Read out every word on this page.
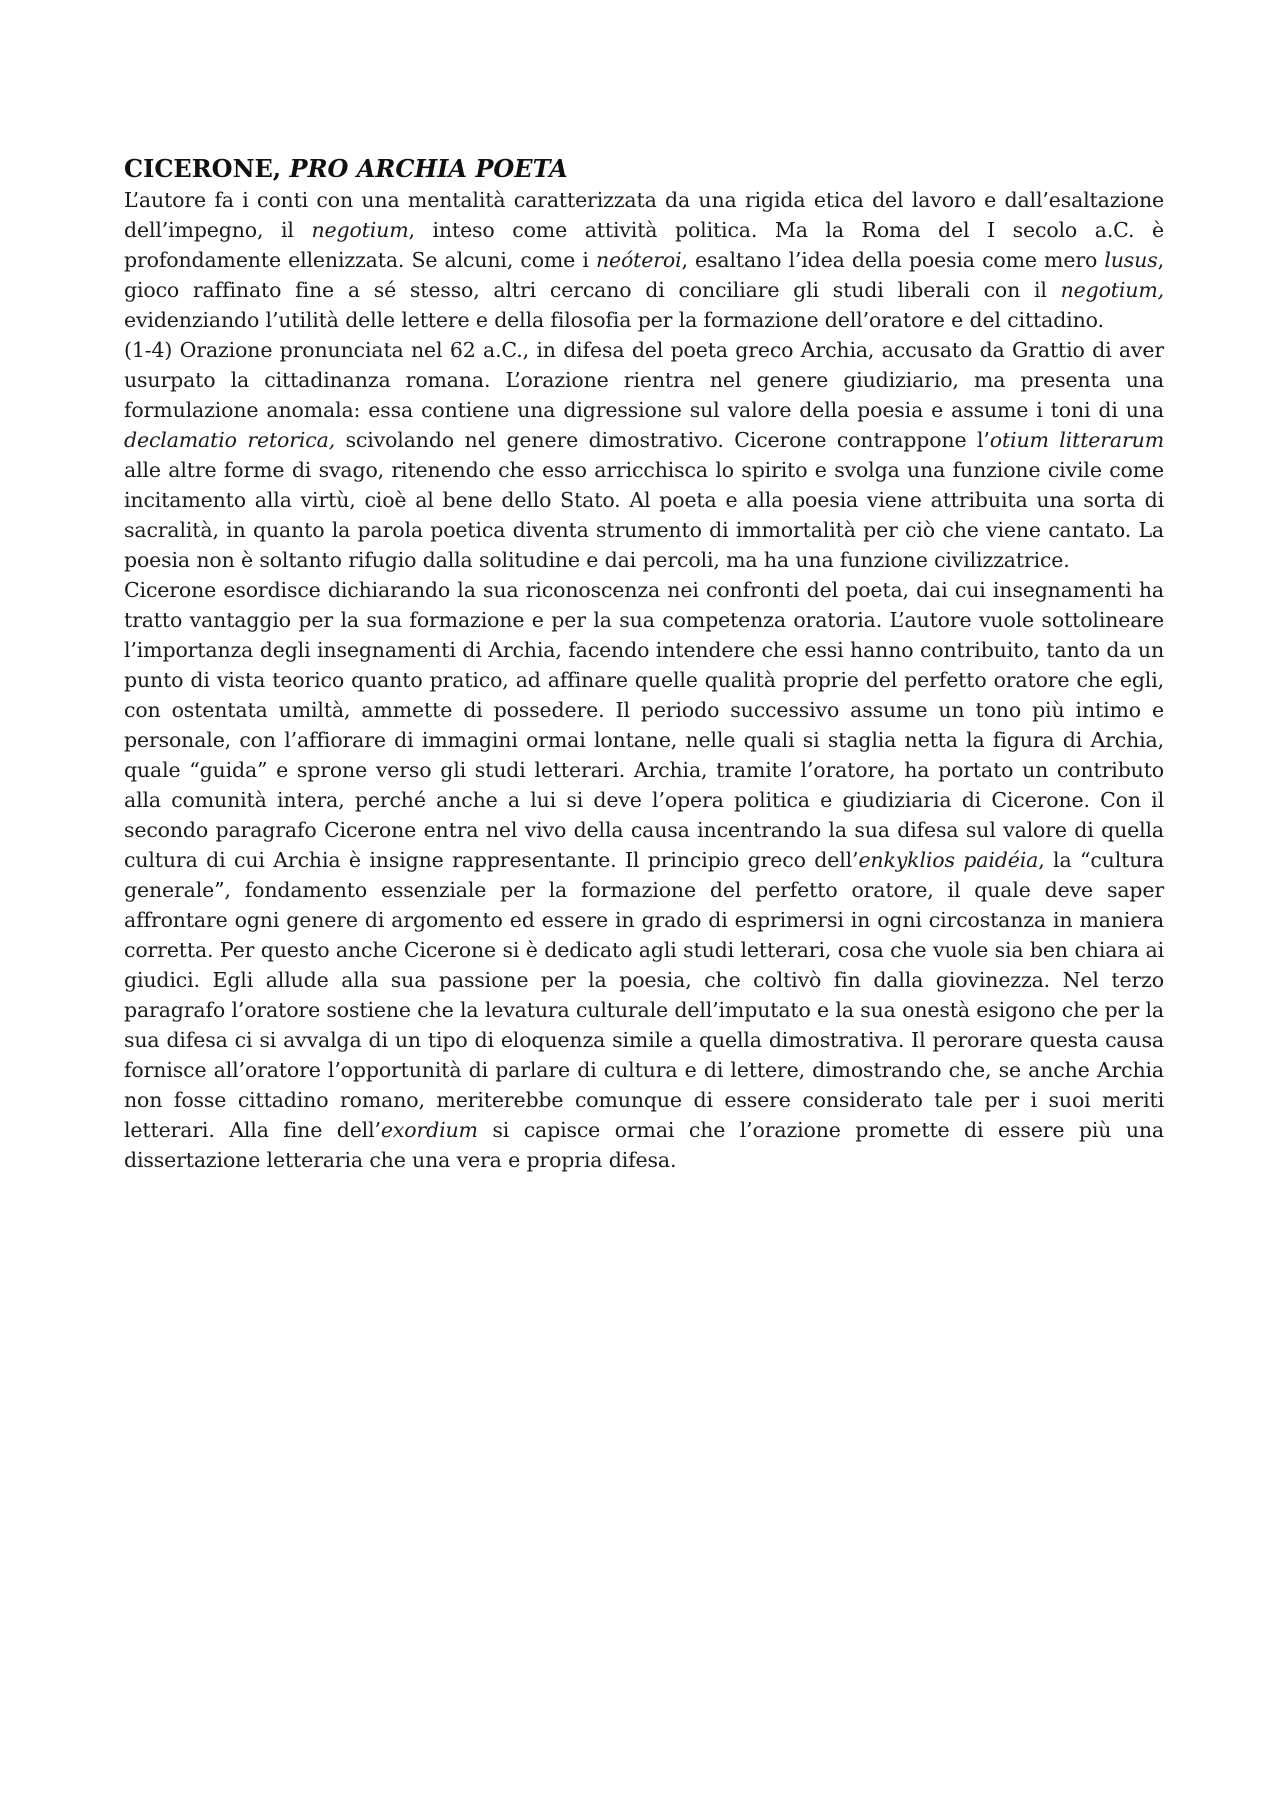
CICERONE, PRO ARCHIA POETA

L’autore fa i conti con una mentalità caratterizzata da una rigida etica del lavoro e dall’esaltazione dell’impegno, il negotium, inteso come attività politica. Ma la Roma del I secolo a.C. è profondamente ellenizzata. Se alcuni, come i neóteroi, esaltano l’idea della poesia come mero lusus, gioco raffinato fine a sé stesso, altri cercano di conciliare gli studi liberali con il negotium, evidenziando l’utilità delle lettere e della filosofia per la formazione dell’oratore e del cittadino.

(1-4) Orazione pronunciata nel 62 a.C., in difesa del poeta greco Archia, accusato da Grattio di aver usurpato la cittadinanza romana. L’orazione rientra nel genere giudiziario, ma presenta una formulazione anomala: essa contiene una digressione sul valore della poesia e assume i toni di una declamatio retorica, scivolando nel genere dimostrativo. Cicerone contrappone l’otium litterarum alle altre forme di svago, ritenendo che esso arricchisca lo spirito e svolga una funzione civile come incitamento alla virtù, cioè al bene dello Stato. Al poeta e alla poesia viene attribuita una sorta di sacralità, in quanto la parola poetica diventa strumento di immortalità per ciò che viene cantato. La poesia non è soltanto rifugio dalla solitudine e dai percoli, ma ha una funzione civilizzatrice.

Cicerone esordisce dichiarando la sua riconoscenza nei confronti del poeta, dai cui insegnamenti ha tratto vantaggio per la sua formazione e per la sua competenza oratoria. L’autore vuole sottolineare l’importanza degli insegnamenti di Archia, facendo intendere che essi hanno contribuito, tanto da un punto di vista teorico quanto pratico, ad affinare quelle qualità proprie del perfetto oratore che egli, con ostentata umiltà, ammette di possedere. Il periodo successivo assume un tono più intimo e personale, con l’affiorare di immagini ormai lontane, nelle quali si staglia netta la figura di Archia, quale “guida” e sprone verso gli studi letterari. Archia, tramite l’oratore, ha portato un contributo alla comunità intera, perché anche a lui si deve l’opera politica e giudiziaria di Cicerone. Con il secondo paragrafo Cicerone entra nel vivo della causa incentrando la sua difesa sul valore di quella cultura di cui Archia è insigne rappresentante. Il principio greco dell’enkyklios paidéia, la “cultura generale”, fondamento essenziale per la formazione del perfetto oratore, il quale deve saper affrontare ogni genere di argomento ed essere in grado di esprimersi in ogni circostanza in maniera corretta. Per questo anche Cicerone si è dedicato agli studi letterari, cosa che vuole sia ben chiara ai giudici. Egli allude alla sua passione per la poesia, che coltivò fin dalla giovinezza. Nel terzo paragrafo l’oratore sostiene che la levatura culturale dell’imputato e la sua onestà esigono che per la sua difesa ci si avvalga di un tipo di eloquenza simile a quella dimostrativa. Il perorare questa causa fornisce all’oratore l’opportunità di parlare di cultura e di lettere, dimostrando che, se anche Archia non fosse cittadino romano, meriterebbe comunque di essere considerato tale per i suoi meriti letterari. Alla fine dell’exordium si capisce ormai che l’orazione promette di essere più una dissertazione letteraria che una vera e propria difesa.
